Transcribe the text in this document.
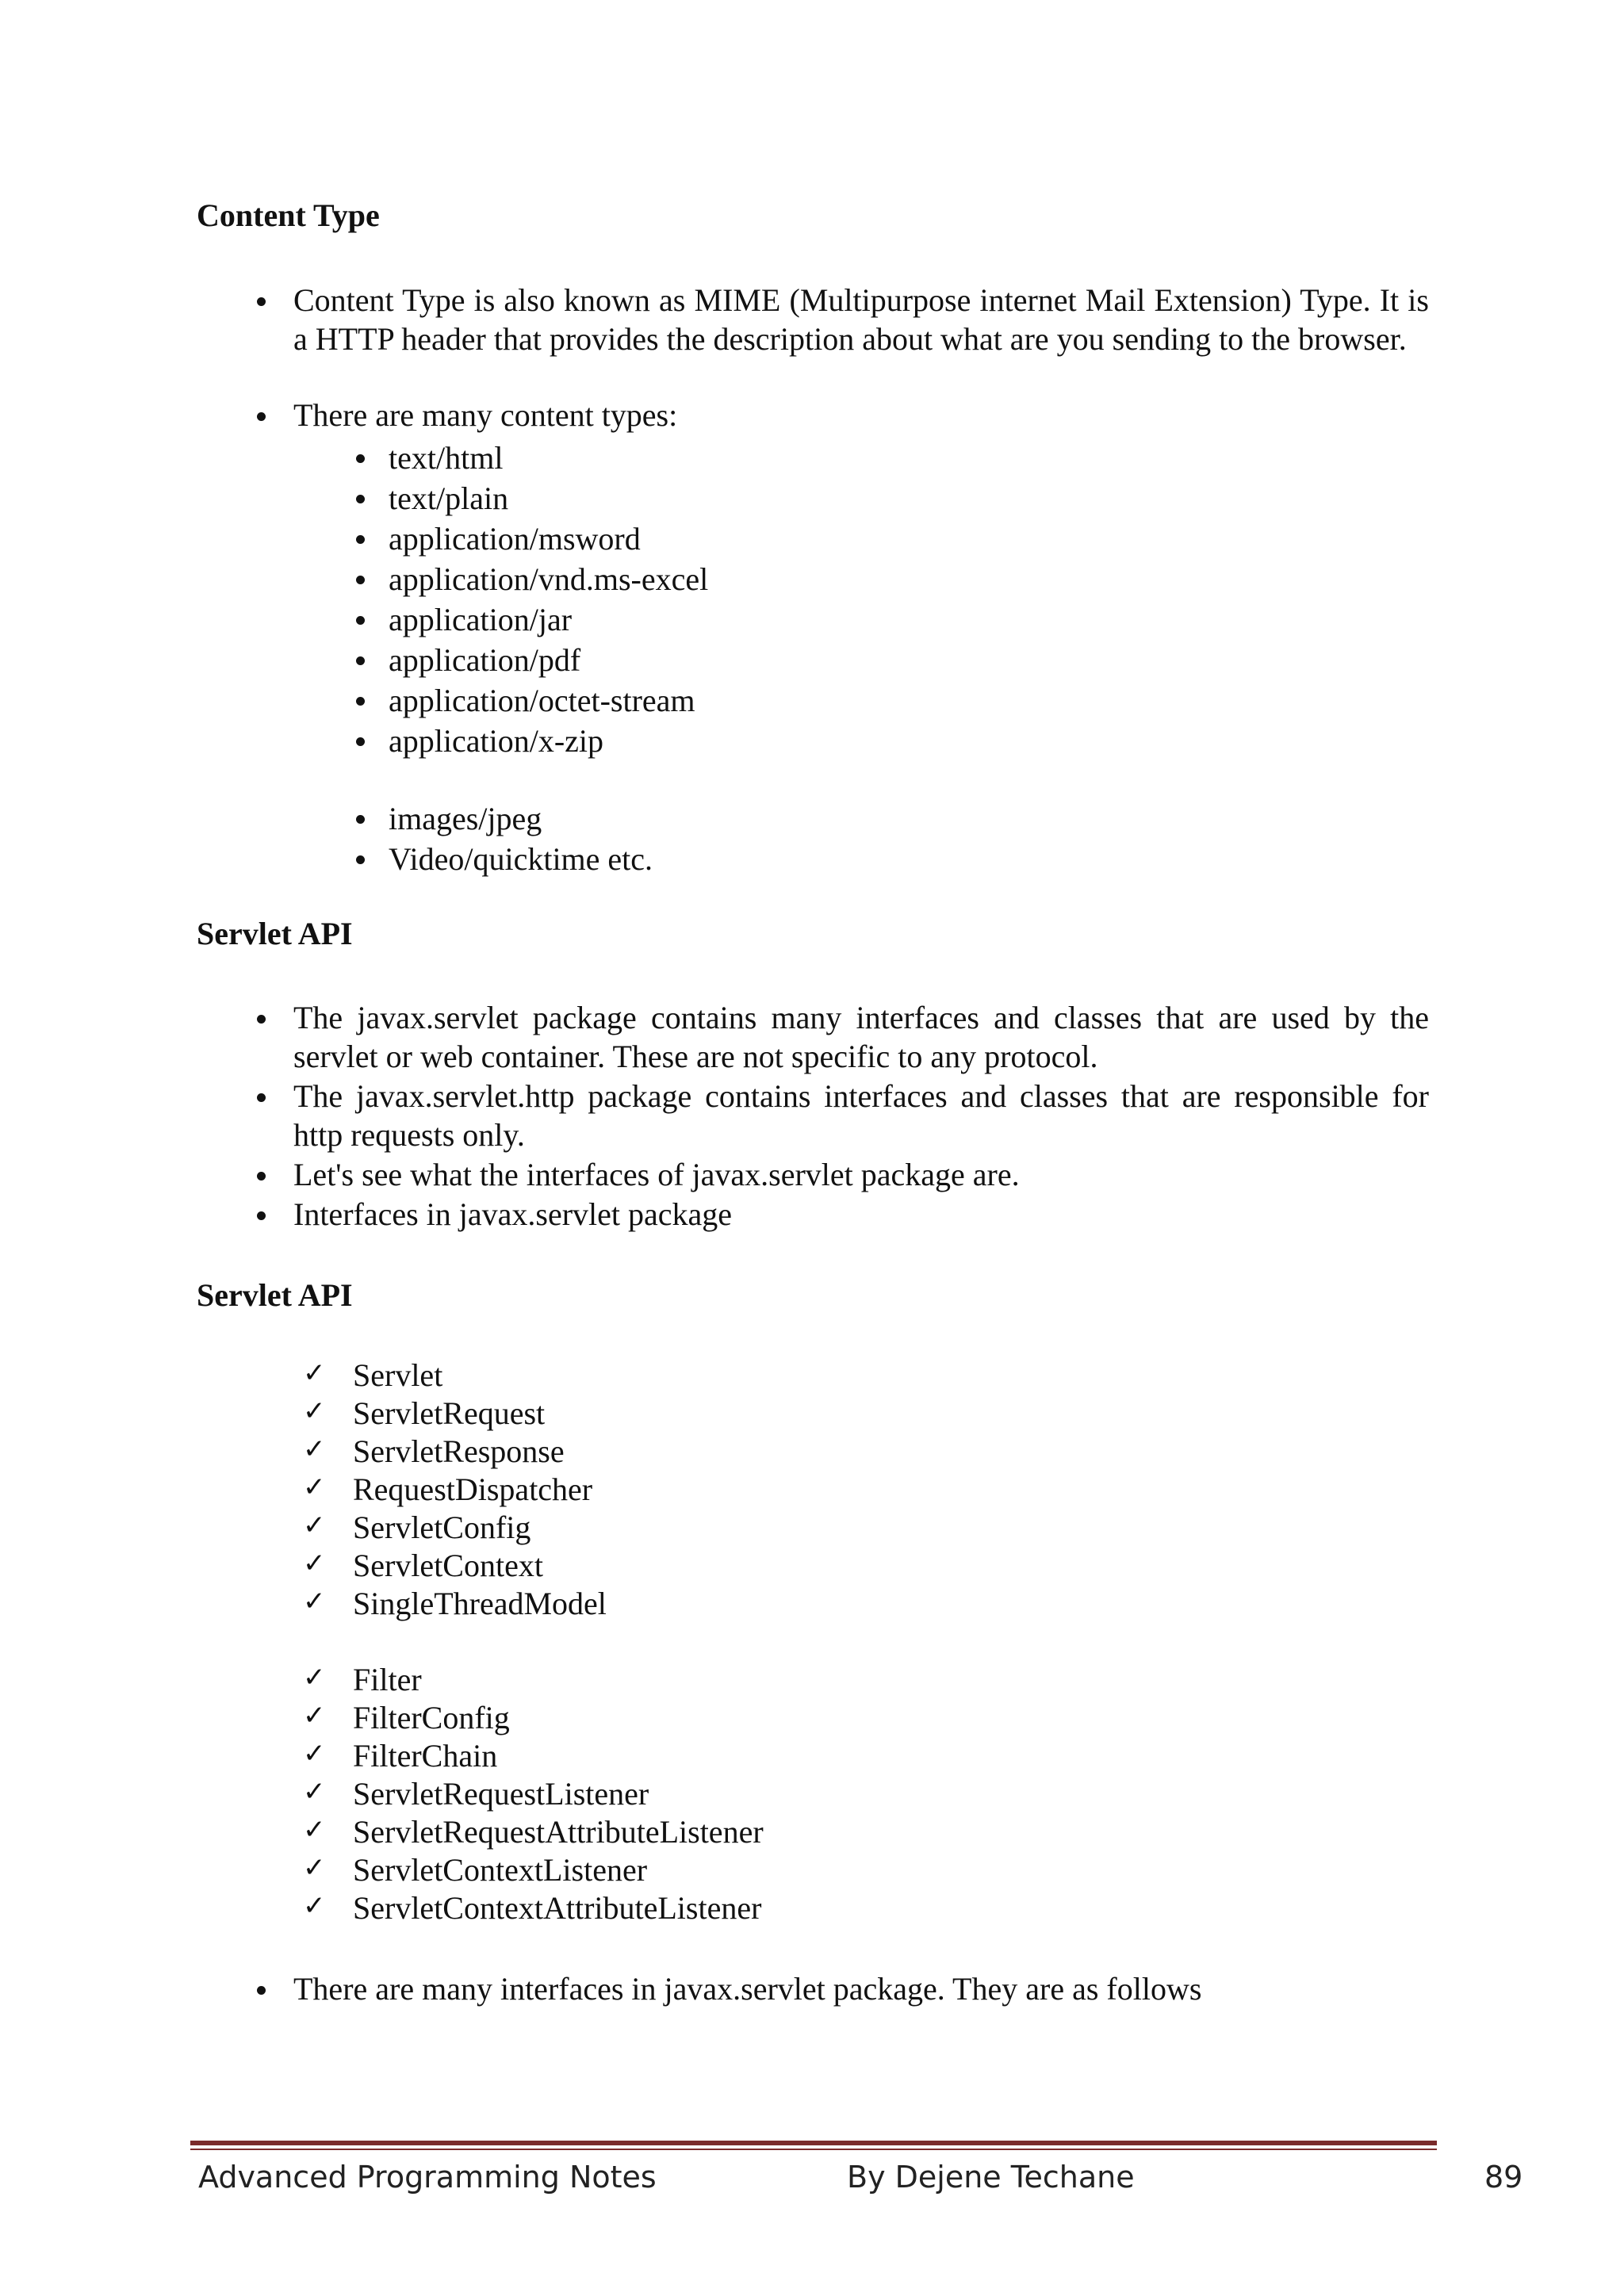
Content Type

Content Type is also known as MIME (Multipurpose internet Mail Extension) Type. It is a HTTP header that provides the description about what are you sending to the browser.

There are many content types:

text/html

text/plain

application/msword

application/vnd.ms-excel

application/jar

application/pdf

application/octet-stream

application/x-zip

images/jpeg

Video/quicktime etc.

Servlet API

The javax.servlet package contains many interfaces and classes that are used by the servlet or web container. These are not specific to any protocol.

The javax.servlet.http package contains interfaces and classes that are responsible for http requests only.

Let's see what the interfaces of javax.servlet package are.

Interfaces in javax.servlet package

Servlet API

✓ Servlet

✓ ServletRequest

✓ ServletResponse

✓ RequestDispatcher

✓ ServletConfig

✓ ServletContext

✓ SingleThreadModel

✓ Filter

✓ FilterConfig

✓ FilterChain

✓ ServletRequestListener

✓ ServletRequestAttributeListener

✓ ServletContextListener

✓ ServletContextAttributeListener

There are many interfaces in javax.servlet package. They are as follows

Advanced Programming Notes	By Dejene Techane	89
